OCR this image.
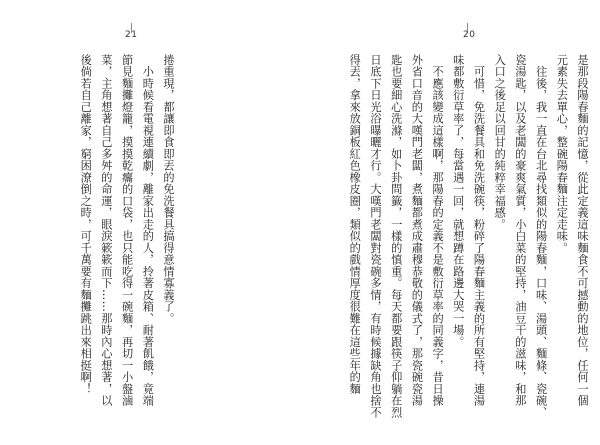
21
捲重現，都讓即食即丟的免洗餐具搞得意情寡義了。
　小時候看電視連續劇，離家出走的人，拎著皮箱、耐著飢餓，竟端
節見麵攤燈籠，摸摸乾癟的口袋，也只能吃得一碗麵，再切一小盤滷
菜，主角想著自己多舛的命運，眼淚簌簌而下……那時內心想著，以
後倘若自己離家，窮困潦倒之時，可千萬要有麵攤跳出來相挺啊！
20
是那段陽春麵的記憶，從此定義這味麵食不可撼動的地位，任何一個
元素失去單心，整碗陽春麵注定走味。
　往後，我一直在台北尋找類似的陽春麵，口味、湯頭、麵條、瓷碗、
瓷湯匙，以及老闆的豪爽氣質，小白菜的堅持，油豆干的滋味，和那
入口之後足以回甘的純粹幸福感。
　可惜，免洗餐具和免洗碗筷，粉碎了陽春麵主義的所有堅持，連湯
味都敷衍草率了，每當遇一回，就想蹲在路邊大哭一場。
　不應該變成這樣啊，那陽春的定義不是敷衍草率的同義字，昔日操
外省口音的大嘆門老闆，煮麵都煮成肅穆恭敬的儀式了，那瓷碗瓷湯
匙也要細心洗滌，如卜卦問籤，一樣的慎重。每天都要跟筷子仰躺在烈
日底下日光浴曝曬才行。大嘆門老闆對瓷碗多情，有時候據缺角也捨不
得丟，拿來放銅板紅色橡皮圈，類似的戲情厚度很難在這些年的麵
